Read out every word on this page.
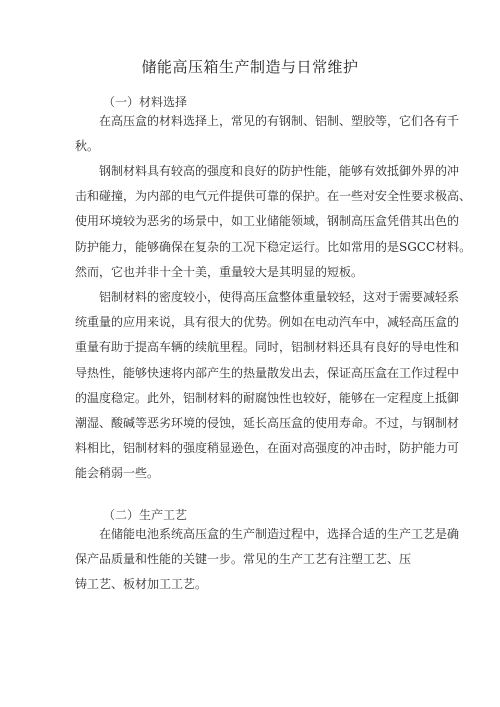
储能高压箱生产制造与日常维护
（一）材料选择
在高压盒的材料选择上，常见的有钢制、铝制、塑胶等，它们各有千
秋。
钢制材料具有较高的强度和良好的防护性能，能够有效抵御外界的冲
击和碰撞，为内部的电气元件提供可靠的保护。在一些对安全性要求极高、
使用环境较为恶劣的场景中，如工业储能领域，钢制高压盒凭借其出色的
防护能力，能够确保在复杂的工况下稳定运行。比如常用的是SGCC材料。
然而，它也并非十全十美，重量较大是其明显的短板。
铝制材料的密度较小，使得高压盒整体重量较轻，这对于需要减轻系
统重量的应用来说，具有很大的优势。例如在电动汽车中，减轻高压盒的
重量有助于提高车辆的续航里程。同时，铝制材料还具有良好的导电性和
导热性，能够快速将内部产生的热量散发出去，保证高压盒在工作过程中
的温度稳定。此外，铝制材料的耐腐蚀性也较好，能够在一定程度上抵御
潮湿、酸碱等恶劣环境的侵蚀，延长高压盒的使用寿命。不过，与钢制材
料相比，铝制材料的强度稍显逊色，在面对高强度的冲击时，防护能力可
能会稍弱一些。
（二）生产工艺
在储能电池系统高压盒的生产制造过程中，选择合适的生产工艺是确
保产品质量和性能的关键一步。常见的生产工艺有注塑工艺、压
铸工艺、板材加工工艺。
